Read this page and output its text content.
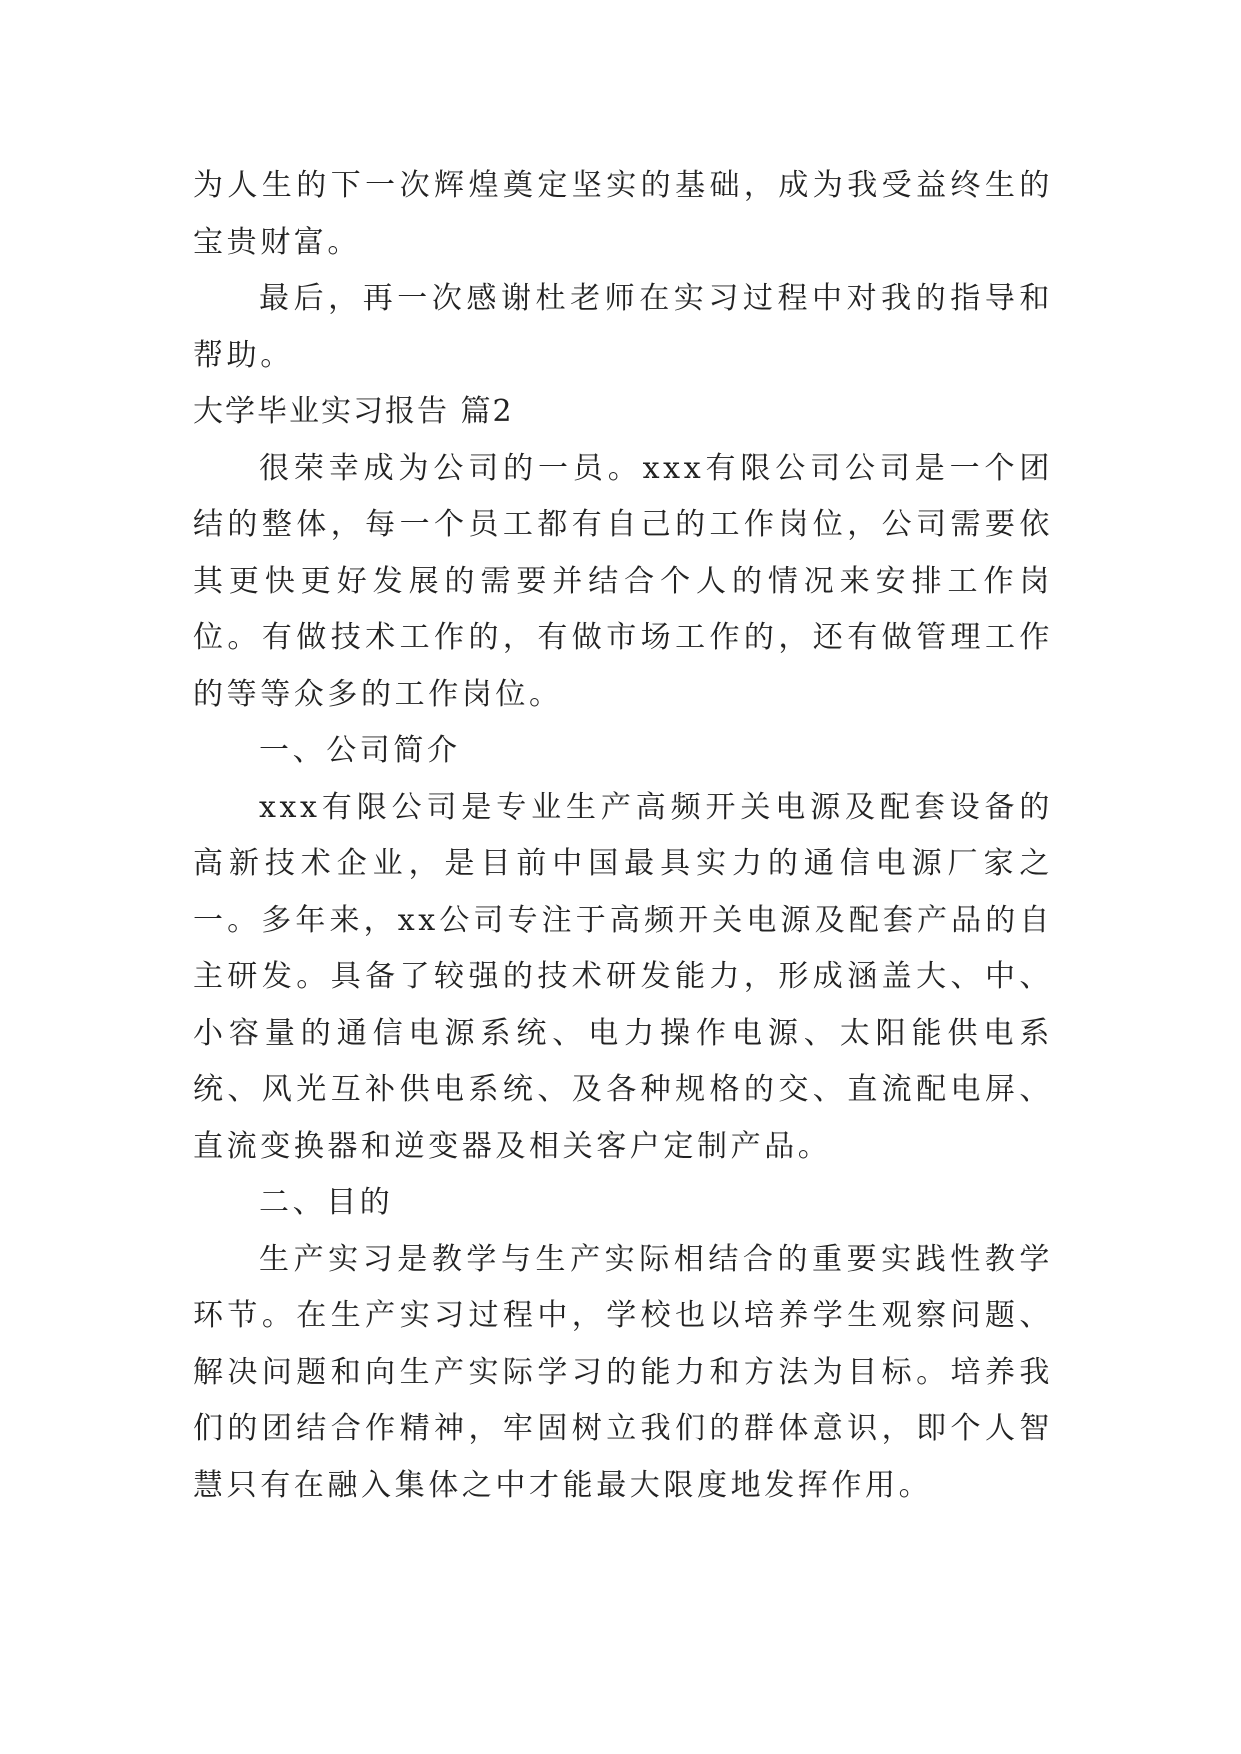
为人生的下一次辉煌奠定坚实的基础，成为我受益终生的宝贵财富。

最后，再一次感谢杜老师在实习过程中对我的指导和帮助。

大学毕业实习报告 篇2

很荣幸成为公司的一员。xxx有限公司公司是一个团结的整体，每一个员工都有自己的工作岗位，公司需要依其更快更好发展的需要并结合个人的情况来安排工作岗位。有做技术工作的，有做市场工作的，还有做管理工作的等等众多的工作岗位。

一、公司简介

xxx有限公司是专业生产高频开关电源及配套设备的高新技术企业，是目前中国最具实力的通信电源厂家之一。多年来，xx公司专注于高频开关电源及配套产品的自主研发。具备了较强的技术研发能力，形成涵盖大、中、小容量的通信电源系统、电力操作电源、太阳能供电系统、风光互补供电系统、及各种规格的交、直流配电屏、直流变换器和逆变器及相关客户定制产品。

二、目的

生产实习是教学与生产实际相结合的重要实践性教学环节。在生产实习过程中，学校也以培养学生观察问题、解决问题和向生产实际学习的能力和方法为目标。培养我们的团结合作精神，牢固树立我们的群体意识，即个人智慧只有在融入集体之中才能最大限度地发挥作用。
